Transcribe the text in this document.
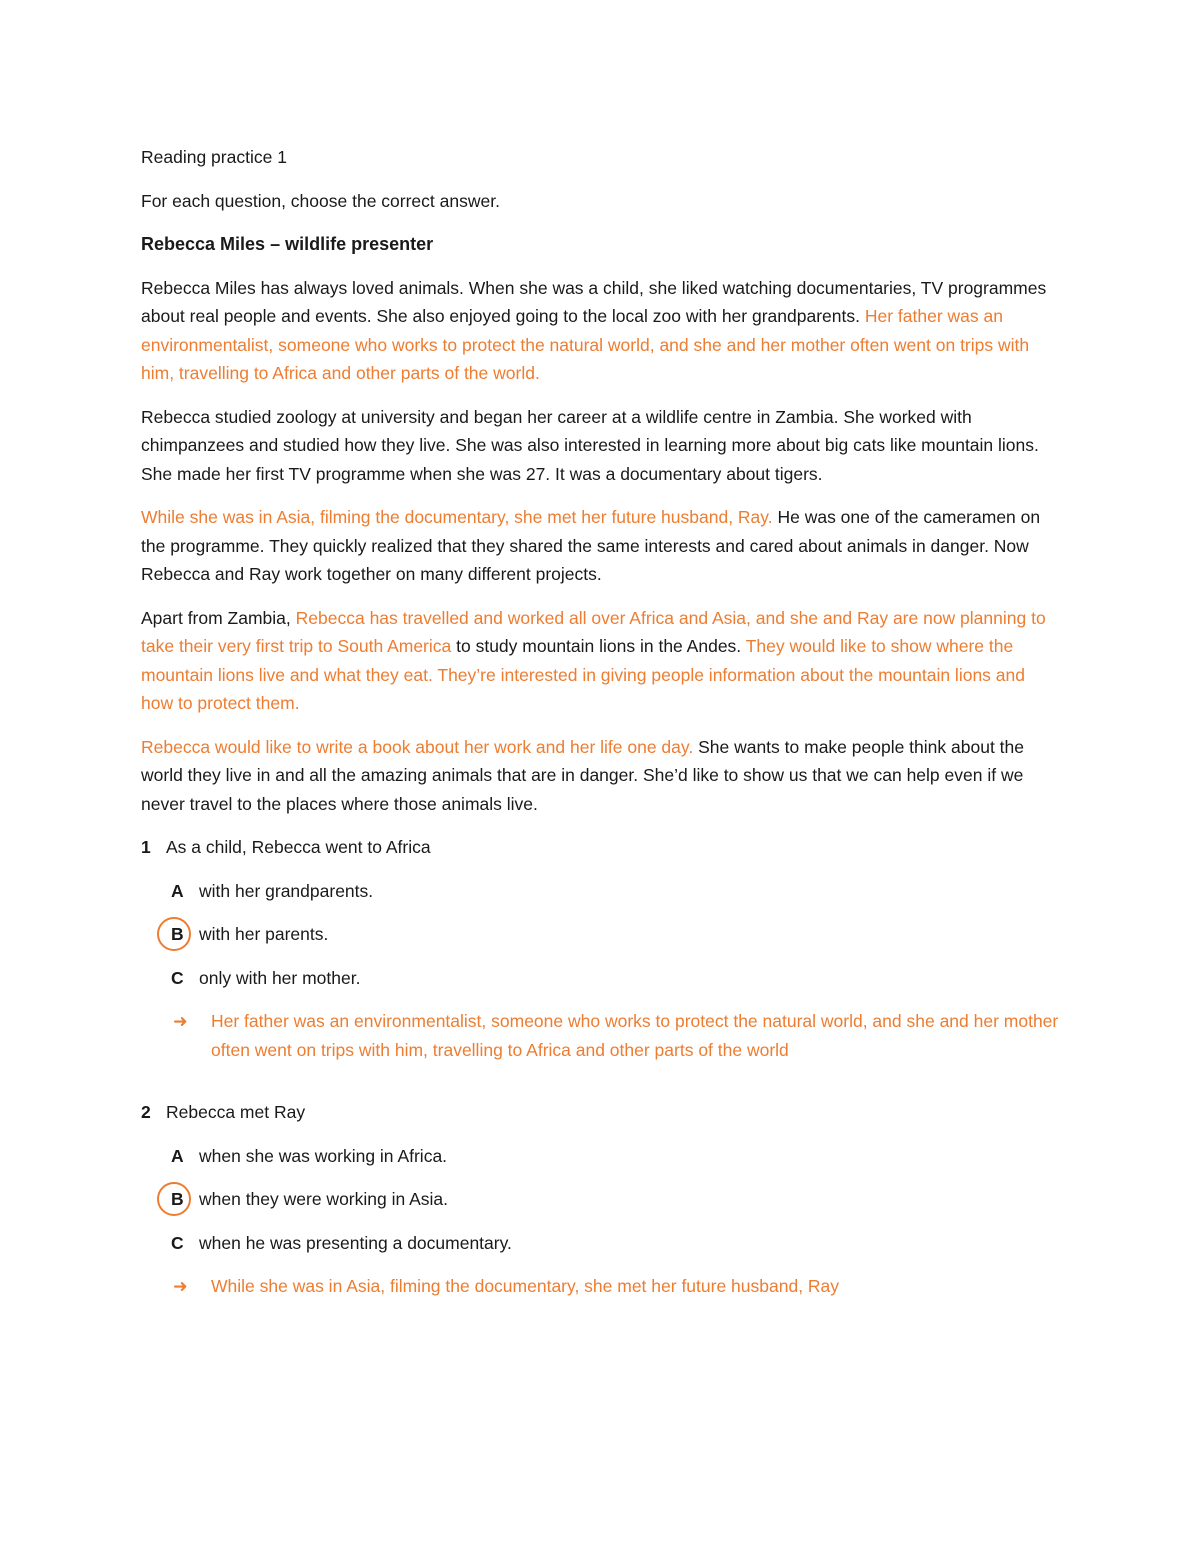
Reading practice 1

For each question, choose the correct answer.

Rebecca Miles – wildlife presenter

Rebecca Miles has always loved animals. When she was a child, she liked watching documentaries, TV programmes about real people and events. She also enjoyed going to the local zoo with her grandparents. Her father was an environmentalist, someone who works to protect the natural world, and she and her mother often went on trips with him, travelling to Africa and other parts of the world.

Rebecca studied zoology at university and began her career at a wildlife centre in Zambia. She worked with chimpanzees and studied how they live. She was also interested in learning more about big cats like mountain lions. She made her first TV programme when she was 27. It was a documentary about tigers.

While she was in Asia, filming the documentary, she met her future husband, Ray. He was one of the cameramen on the programme. They quickly realized that they shared the same interests and cared about animals in danger. Now Rebecca and Ray work together on many different projects.

Apart from Zambia, Rebecca has travelled and worked all over Africa and Asia, and she and Ray are now planning to take their very first trip to South America to study mountain lions in the Andes. They would like to show where the mountain lions live and what they eat. They’re interested in giving people information about the mountain lions and how to protect them.

Rebecca would like to write a book about her work and her life one day. She wants to make people think about the world they live in and all the amazing animals that are in danger. She’d like to show us that we can help even if we never travel to the places where those animals live.

1 As a child, Rebecca went to Africa

A with her grandparents.

B with her parents.

C only with her mother.

➜ Her father was an environmentalist, someone who works to protect the natural world, and she and her mother often went on trips with him, travelling to Africa and other parts of the world

2 Rebecca met Ray

A when she was working in Africa.

B when they were working in Asia.

C when he was presenting a documentary.

➜ While she was in Asia, filming the documentary, she met her future husband, Ray
